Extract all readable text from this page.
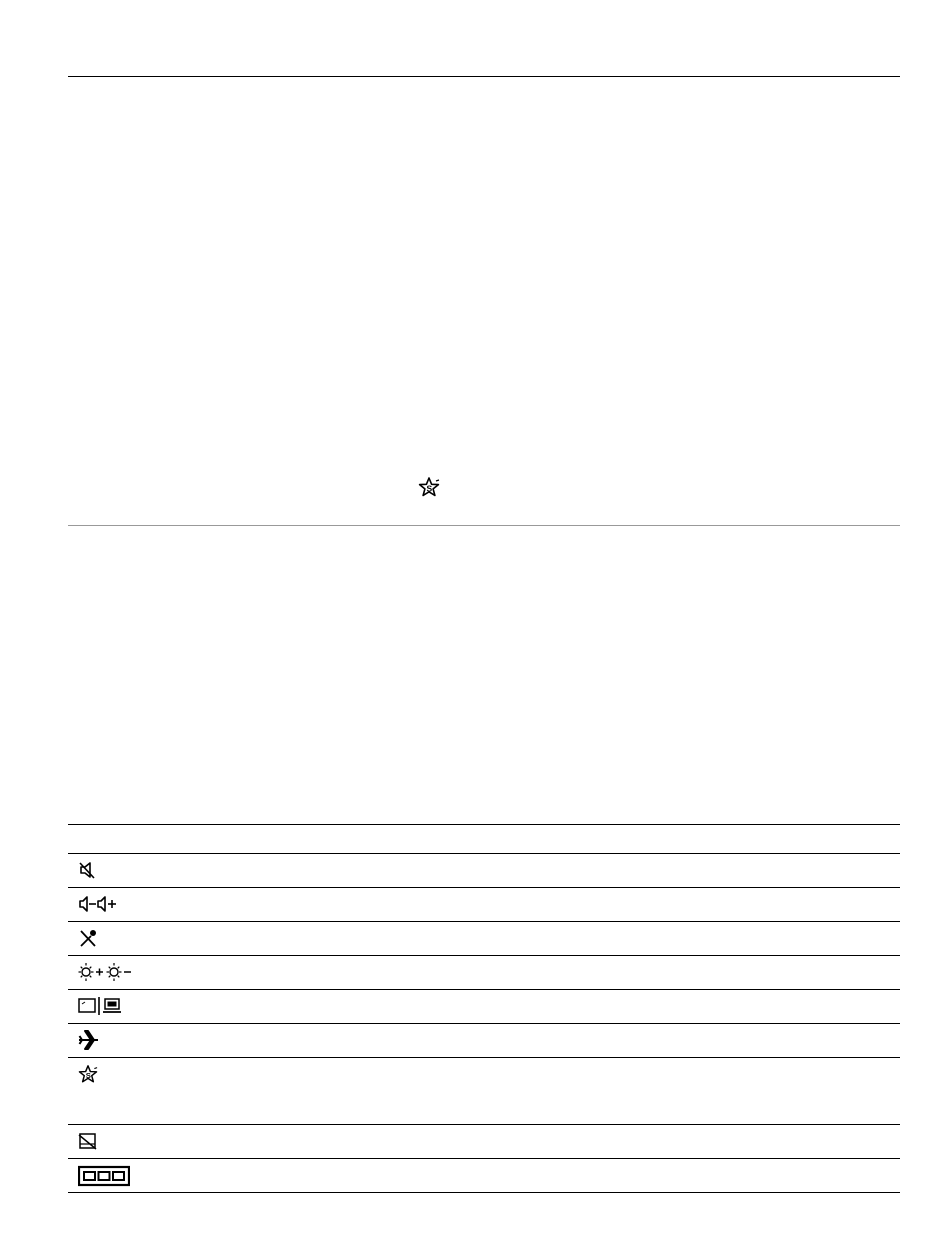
S

S	
